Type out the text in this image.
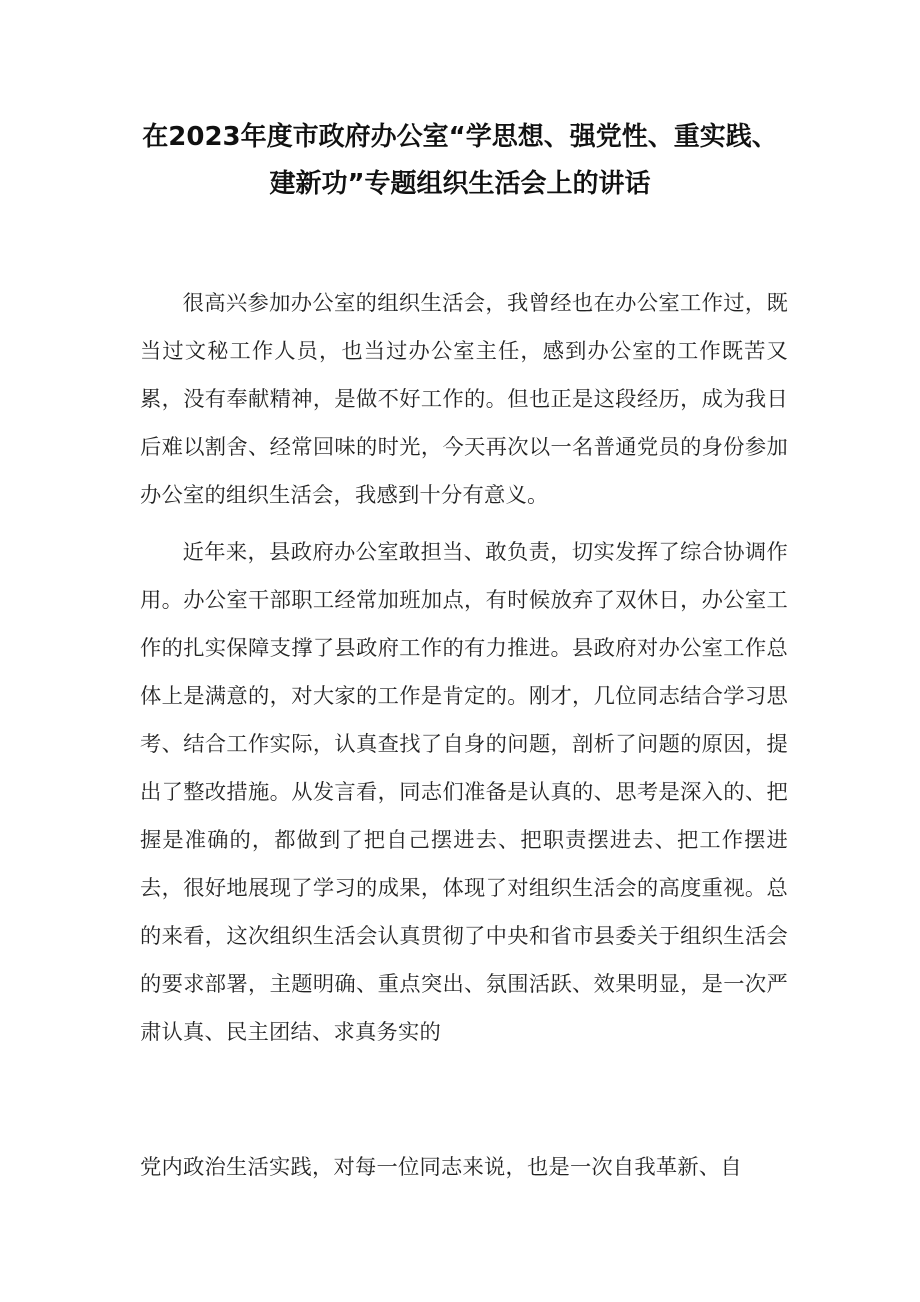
在2023年度市政府办公室“学思想、强党性、重实践、
建新功”专题组织生活会上的讲话

很高兴参加办公室的组织生活会，我曾经也在办公室工作过，既当过文秘工作人员，也当过办公室主任，感到办公室的工作既苦又累，没有奉献精神，是做不好工作的。但也正是这段经历，成为我日后难以割舍、经常回味的时光，今天再次以一名普通党员的身份参加办公室的组织生活会，我感到十分有意义。

近年来，县政府办公室敢担当、敢负责，切实发挥了综合协调作用。办公室干部职工经常加班加点，有时候放弃了双休日，办公室工作的扎实保障支撑了县政府工作的有力推进。县政府对办公室工作总体上是满意的，对大家的工作是肯定的。刚才，几位同志结合学习思考、结合工作实际，认真查找了自身的问题，剖析了问题的原因，提出了整改措施。从发言看，同志们准备是认真的、思考是深入的、把握是准确的，都做到了把自己摆进去、把职责摆进去、把工作摆进去，很好地展现了学习的成果，体现了对组织生活会的高度重视。总的来看，这次组织生活会认真贯彻了中央和省市县委关于组织生活会的要求部署，主题明确、重点突出、氛围活跃、效果明显，是一次严肃认真、民主团结、求真务实的

党内政治生活实践，对每一位同志来说，也是一次自我革新、自
